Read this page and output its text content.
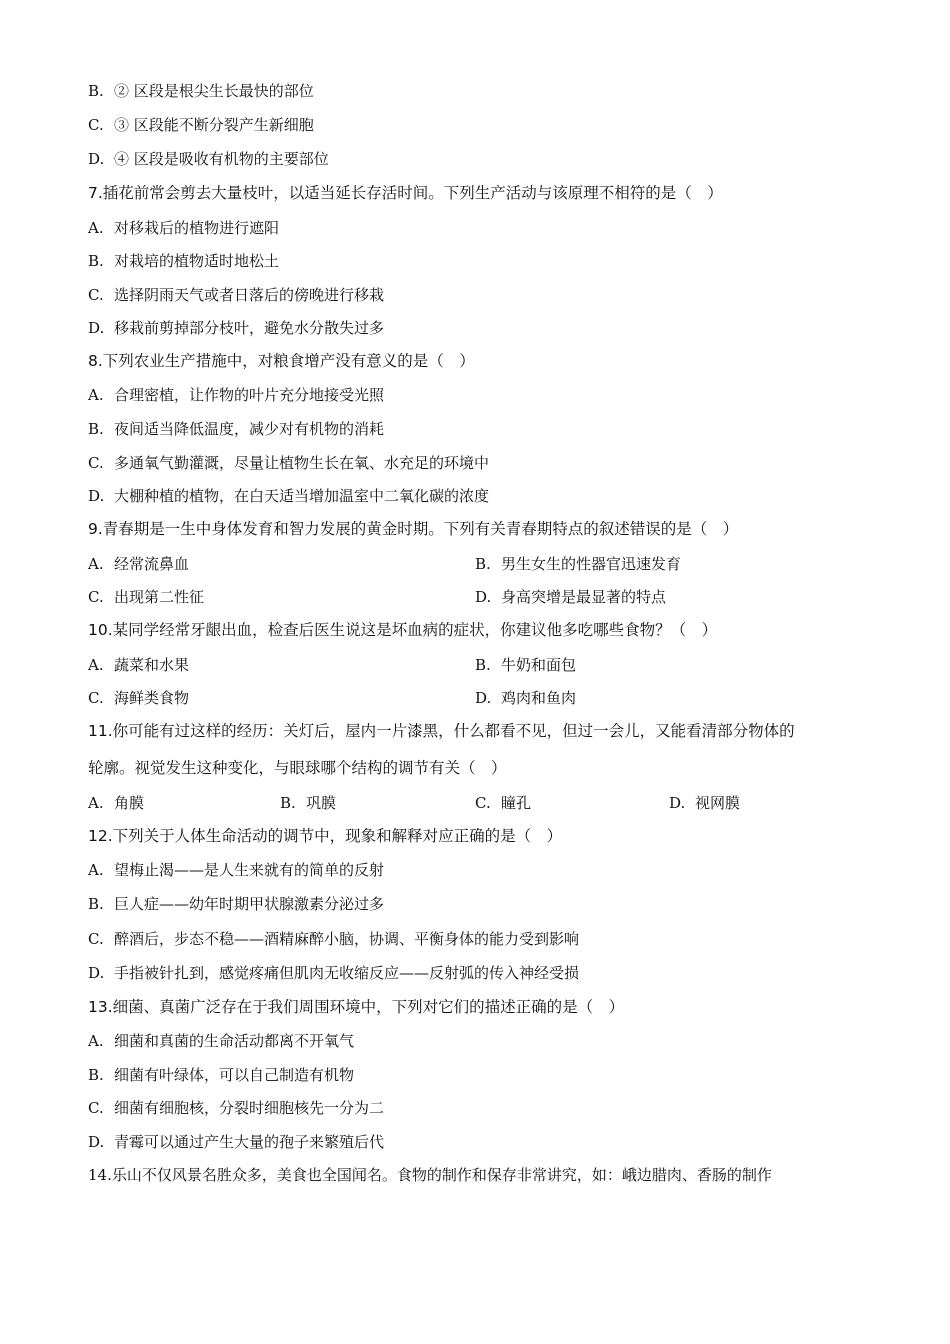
B. ② 区段是根尖生长最快的部位
C. ③ 区段能不断分裂产生新细胞
D. ④ 区段是吸收有机物的主要部位
7.插花前常会剪去大量枝叶，以适当延长存活时间。下列生产活动与该原理不相符的是（　）
A. 对移栽后的植物进行遮阳
B. 对栽培的植物适时地松土
C. 选择阴雨天气或者日落后的傍晚进行移栽
D. 移栽前剪掉部分枝叶，避免水分散失过多
8.下列农业生产措施中，对粮食增产没有意义的是（　）
A. 合理密植，让作物的叶片充分地接受光照
B. 夜间适当降低温度，减少对有机物的消耗
C. 多通氧气勤灌溉，尽量让植物生长在氧、水充足的环境中
D. 大棚种植的植物，在白天适当增加温室中二氧化碳的浓度
9.青春期是一生中身体发育和智力发展的黄金时期。下列有关青春期特点的叙述错误的是（　）
A. 经常流鼻血	B. 男生女生的性器官迅速发育
C. 出现第二性征	D. 身高突增是最显著的特点
10.某同学经常牙龈出血，检查后医生说这是坏血病的症状，你建议他多吃哪些食物？（　）
A. 蔬菜和水果	B. 牛奶和面包
C. 海鲜类食物	D. 鸡肉和鱼肉
11.你可能有过这样的经历：关灯后，屋内一片漆黑，什么都看不见，但过一会儿，又能看清部分物体的
轮廓。视觉发生这种变化，与眼球哪个结构的调节有关（　）
A. 角膜	B. 巩膜	C. 瞳孔	D. 视网膜
12.下列关于人体生命活动的调节中，现象和解释对应正确的是（　）
A. 望梅止渴——是人生来就有的简单的反射
B. 巨人症——幼年时期甲状腺激素分泌过多
C. 醉酒后，步态不稳——酒精麻醉小脑，协调、平衡身体的能力受到影响
D. 手指被针扎到，感觉疼痛但肌肉无收缩反应——反射弧的传入神经受损
13.细菌、真菌广泛存在于我们周围环境中，下列对它们的描述正确的是（　）
A. 细菌和真菌的生命活动都离不开氧气
B. 细菌有叶绿体，可以自己制造有机物
C. 细菌有细胞核，分裂时细胞核先一分为二
D. 青霉可以通过产生大量的孢子来繁殖后代
14.乐山不仅风景名胜众多，美食也全国闻名。食物的制作和保存非常讲究，如：峨边腊肉、香肠的制作
